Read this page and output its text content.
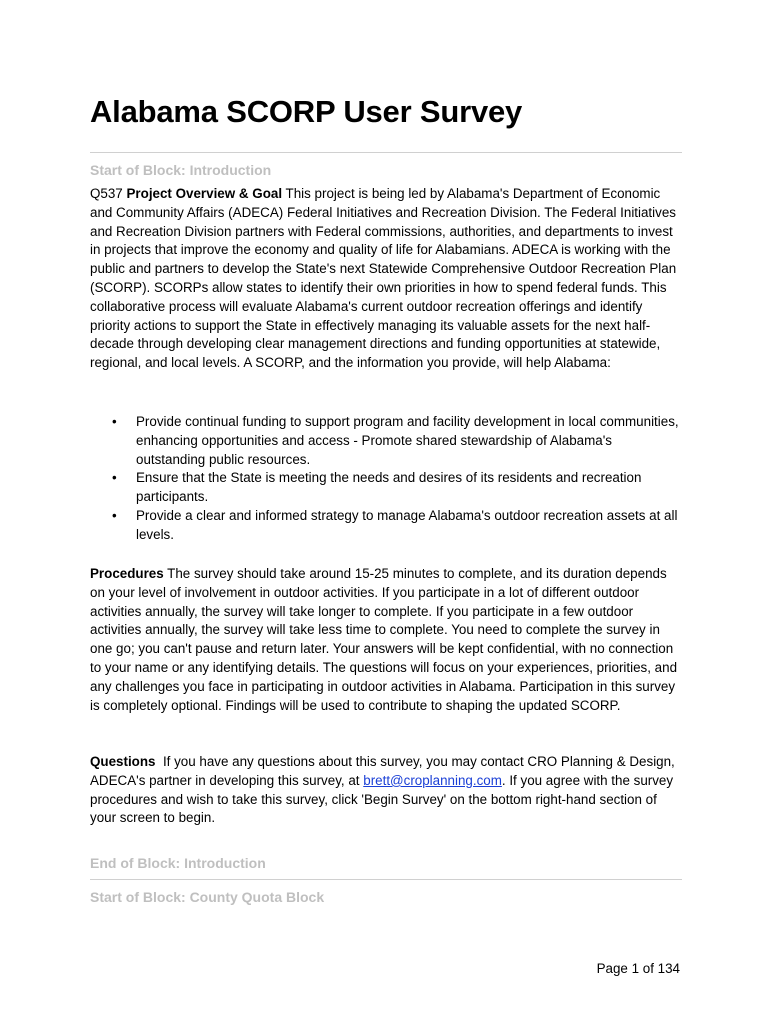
Alabama SCORP User Survey
Start of Block: Introduction

Q537 Project Overview & Goal This project is being led by Alabama's Department of Economic and Community Affairs (ADECA) Federal Initiatives and Recreation Division. The Federal Initiatives and Recreation Division partners with Federal commissions, authorities, and departments to invest in projects that improve the economy and quality of life for Alabamians. ADECA is working with the public and partners to develop the State's next Statewide Comprehensive Outdoor Recreation Plan (SCORP). SCORPs allow states to identify their own priorities in how to spend federal funds. This collaborative process will evaluate Alabama's current outdoor recreation offerings and identify priority actions to support the State in effectively managing its valuable assets for the next half-decade through developing clear management directions and funding opportunities at statewide, regional, and local levels. A SCORP, and the information you provide, will help Alabama:

• Provide continual funding to support program and facility development in local communities, enhancing opportunities and access - Promote shared stewardship of Alabama's outstanding public resources.
• Ensure that the State is meeting the needs and desires of its residents and recreation participants.
• Provide a clear and informed strategy to manage Alabama's outdoor recreation assets at all levels.

Procedures The survey should take around 15-25 minutes to complete, and its duration depends on your level of involvement in outdoor activities. If you participate in a lot of different outdoor activities annually, the survey will take longer to complete. If you participate in a few outdoor activities annually, the survey will take less time to complete. You need to complete the survey in one go; you can't pause and return later. Your answers will be kept confidential, with no connection to your name or any identifying details. The questions will focus on your experiences, priorities, and any challenges you face in participating in outdoor activities in Alabama. Participation in this survey is completely optional. Findings will be used to contribute to shaping the updated SCORP.

Questions If you have any questions about this survey, you may contact CRO Planning & Design, ADECA's partner in developing this survey, at brett@croplanning.com. If you agree with the survey procedures and wish to take this survey, click 'Begin Survey' on the bottom right-hand section of your screen to begin.

End of Block: Introduction
Start of Block: County Quota Block
Page 1 of 134
